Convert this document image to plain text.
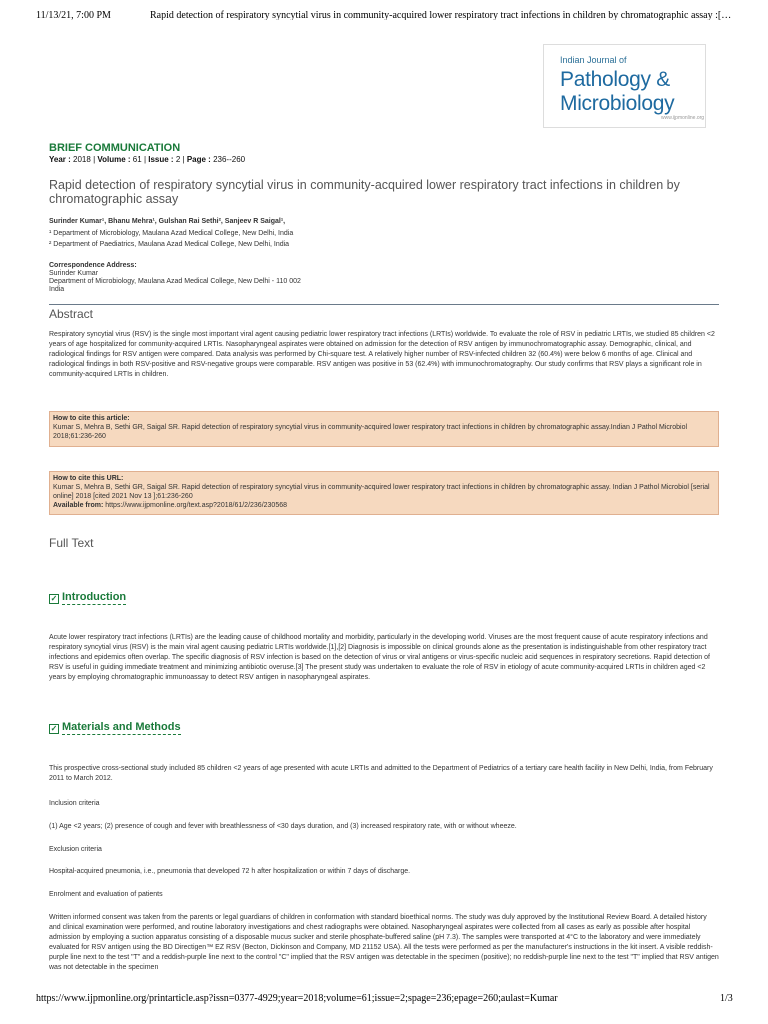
11/13/21, 7:00 PM	Rapid detection of respiratory syncytial virus in community-acquired lower respiratory tract infections in children by chromatographic assay :[…
Indian Journal of
Pathology &
Microbiology
www.ijpmonline.org
BRIEF COMMUNICATION
Year : 2018 | Volume : 61 | Issue : 2 | Page : 236--260
Rapid detection of respiratory syncytial virus in community-acquired lower respiratory tract infections in children by chromatographic assay
Surinder Kumar¹, Bhanu Mehra¹, Gulshan Rai Sethi², Sanjeev R Saigal¹,
¹ Department of Microbiology, Maulana Azad Medical College, New Delhi, India
² Department of Paediatrics, Maulana Azad Medical College, New Delhi, India
Correspondence Address:
Surinder Kumar
Department of Microbiology, Maulana Azad Medical College, New Delhi - 110 002
India
Abstract
Respiratory syncytial virus (RSV) is the single most important viral agent causing pediatric lower respiratory tract infections (LRTIs) worldwide. To evaluate the role of RSV in pediatric LRTIs, we studied 85 children <2 years of age hospitalized for community-acquired LRTIs. Nasopharyngeal aspirates were obtained on admission for the detection of RSV antigen by immunochromatographic assay. Demographic, clinical, and radiological findings for RSV antigen were compared. Data analysis was performed by Chi-square test. A relatively higher number of RSV-infected children 32 (60.4%) were below 6 months of age. Clinical and radiological findings in both RSV-positive and RSV-negative groups were comparable. RSV antigen was positive in 53 (62.4%) with immunochromatography. Our study confirms that RSV plays a significant role in community-acquired LRTIs in children.
How to cite this article:
Kumar S, Mehra B, Sethi GR, Saigal SR. Rapid detection of respiratory syncytial virus in community-acquired lower respiratory tract infections in children by chromatographic assay.Indian J Pathol Microbiol 2018;61:236-260
How to cite this URL:
Kumar S, Mehra B, Sethi GR, Saigal SR. Rapid detection of respiratory syncytial virus in community-acquired lower respiratory tract infections in children by chromatographic assay. Indian J Pathol Microbiol [serial online] 2018 [cited 2021 Nov 13 ];61:236-260
Available from: https://www.ijpmonline.org/text.asp?2018/61/2/236/230568
Full Text
✓ Introduction
Acute lower respiratory tract infections (LRTIs) are the leading cause of childhood mortality and morbidity, particularly in the developing world. Viruses are the most frequent cause of acute respiratory infections and respiratory syncytial virus (RSV) is the main viral agent causing pediatric LRTIs worldwide.[1],[2] Diagnosis is impossible on clinical grounds alone as the presentation is indistinguishable from other respiratory tract infections and epidemics often overlap. The specific diagnosis of RSV infection is based on the detection of virus or viral antigens or virus-specific nucleic acid sequences in respiratory secretions. Rapid detection of RSV is useful in guiding immediate treatment and minimizing antibiotic overuse.[3] The present study was undertaken to evaluate the role of RSV in etiology of acute community-acquired LRTIs in children aged <2 years by employing chromatographic immunoassay to detect RSV antigen in nasopharyngeal aspirates.
✓ Materials and Methods
This prospective cross-sectional study included 85 children <2 years of age presented with acute LRTIs and admitted to the Department of Pediatrics of a tertiary care health facility in New Delhi, India, from February 2011 to March 2012.
Inclusion criteria
(1) Age <2 years; (2) presence of cough and fever with breathlessness of <30 days duration, and (3) increased respiratory rate, with or without wheeze.
Exclusion criteria
Hospital-acquired pneumonia, i.e., pneumonia that developed 72 h after hospitalization or within 7 days of discharge.
Enrolment and evaluation of patients
Written informed consent was taken from the parents or legal guardians of children in conformation with standard bioethical norms. The study was duly approved by the Institutional Review Board. A detailed history and clinical examination were performed, and routine laboratory investigations and chest radiographs were obtained. Nasopharyngeal aspirates were collected from all cases as early as possible after hospital admission by employing a suction apparatus consisting of a disposable mucus sucker and sterile phosphate-buffered saline (pH 7.3). The samples were transported at 4°C to the laboratory and were immediately evaluated for RSV antigen using the BD Directigen™ EZ RSV (Becton, Dickinson and Company, MD 21152 USA). All the tests were performed as per the manufacturer's instructions in the kit insert. A visible reddish-purple line next to the test "T" and a reddish-purple line next to the control "C" implied that the RSV antigen was detectable in the specimen (positive); no reddish-purple line next to the test "T" implied that RSV antigen was not detectable in the specimen
https://www.ijpmonline.org/printarticle.asp?issn=0377-4929;year=2018;volume=61;issue=2;spage=236;epage=260;aulast=Kumar	1/3
